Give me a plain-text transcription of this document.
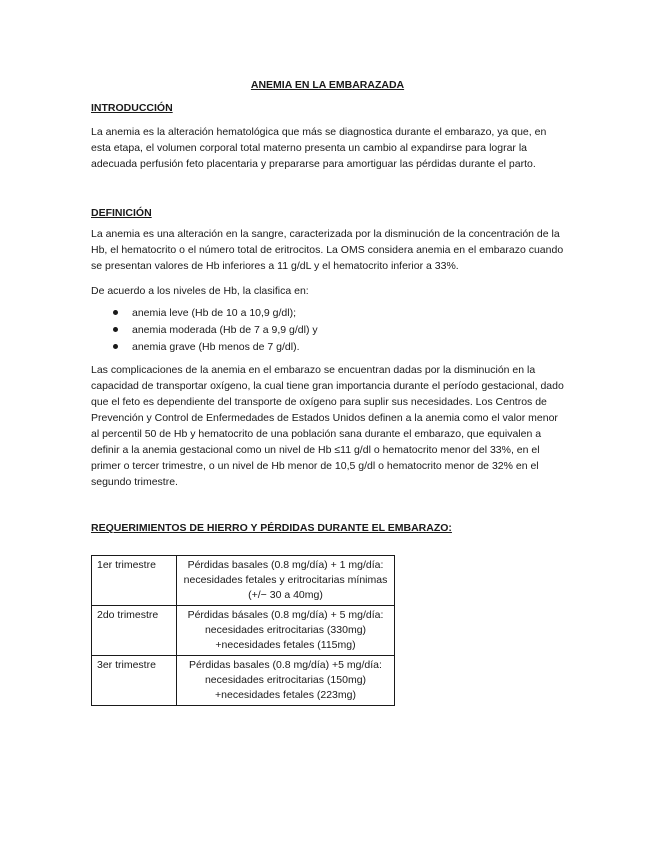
ANEMIA EN LA EMBARAZADA
INTRODUCCIÓN

La anemia es la alteración hematológica que más se diagnostica durante el embarazo, ya que, en esta etapa, el volumen corporal total materno presenta un cambio al expandirse para lograr la adecuada perfusión feto placentaria y prepararse para amortiguar las pérdidas durante el parto.

DEFINICIÓN

La anemia es una alteración en la sangre, caracterizada por la disminución de la concentración de la Hb, el hematocrito o el número total de eritrocitos. La OMS considera anemia en el embarazo cuando se presentan valores de Hb inferiores a 11 g/dL y el hematocrito inferior a 33%.

De acuerdo a los niveles de Hb, la clasifica en:

anemia leve (Hb de 10 a 10,9 g/dl);
anemia moderada (Hb de 7 a 9,9 g/dl) y
anemia grave (Hb menos de 7 g/dl).

Las complicaciones de la anemia en el embarazo se encuentran dadas por la disminución en la capacidad de transportar oxígeno, la cual tiene gran importancia durante el período gestacional, dado que el feto es dependiente del transporte de oxígeno para suplir sus necesidades. Los Centros de Prevención y Control de Enfermedades de Estados Unidos definen a la anemia como el valor menor al percentil 50 de Hb y hematocrito de una población sana durante el embarazo, que equivalen a definir a la anemia gestacional como un nivel de Hb ≤11 g/dl o hematocrito menor del 33%, en el primer o tercer trimestre, o un nivel de Hb menor de 10,5 g/dl o hematocrito menor de 32% en el segundo trimestre.

REQUERIMIENTOS DE HIERRO Y PÉRDIDAS DURANTE EL EMBARAZO:
1er trimestre	Pérdidas basales (0.8 mg/día) + 1 mg/día: necesidades fetales y eritrocitarias mínimas (+/− 30 a 40mg)
2do trimestre	Pérdidas básales (0.8 mg/día) + 5 mg/día: necesidades eritrocitarias (330mg) +necesidades fetales (115mg)
3er trimestre	Pérdidas basales (0.8 mg/día) +5 mg/día: necesidades eritrocitarias (150mg) +necesidades fetales (223mg)
